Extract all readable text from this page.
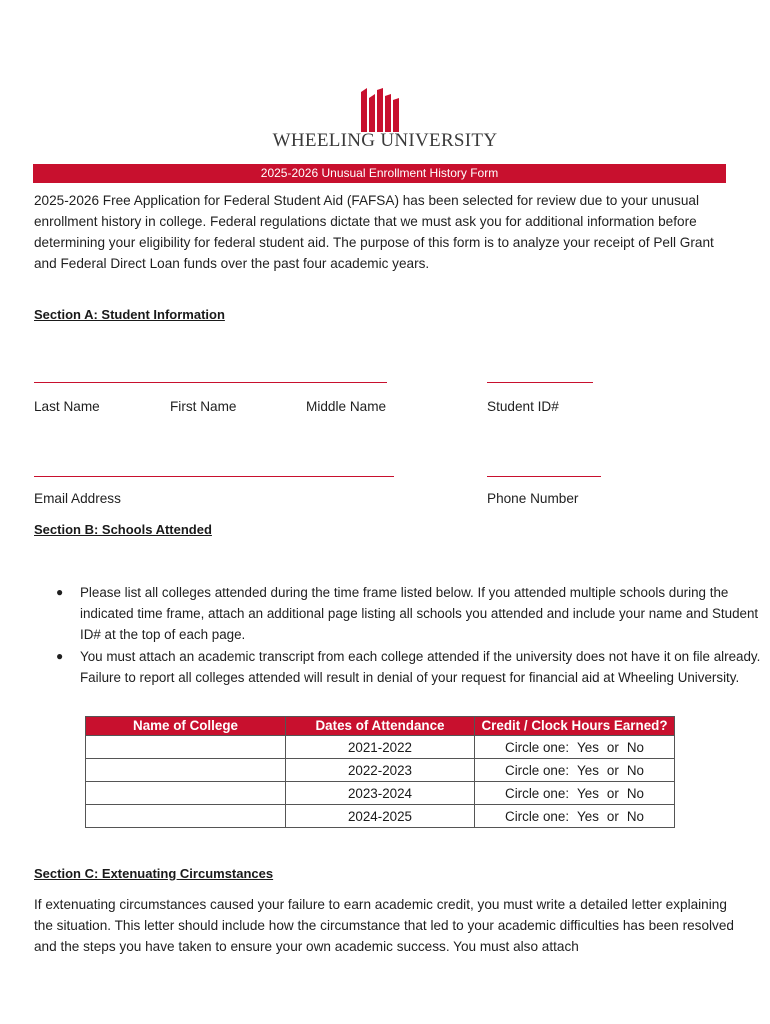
WHEELING UNIVERSITY
2025-2026 Unusual Enrollment History Form
2025-2026 Free Application for Federal Student Aid (FAFSA) has been selected for review due to your unusual enrollment history in college. Federal regulations dictate that we must ask you for additional information before determining your eligibility for federal student aid. The purpose of this form is to analyze your receipt of Pell Grant and Federal Direct Loan funds over the past four academic years.
Section A: Student Information
Last Name	First Name	Middle Name	Student ID#
Email Address	Phone Number
Section B: Schools Attended
● Please list all colleges attended during the time frame listed below. If you attended multiple schools during the indicated time frame, attach an additional page listing all schools you attended and include your name and Student ID# at the top of each page.
● You must attach an academic transcript from each college attended if the university does not have it on file already. Failure to report all colleges attended will result in denial of your request for financial aid at Wheeling University.
Name of College	Dates of Attendance	Credit / Clock Hours Earned?
	2021-2022	Circle one: Yes or No
	2022-2023	Circle one: Yes or No
	2023-2024	Circle one: Yes or No
	2024-2025	Circle one: Yes or No
Section C: Extenuating Circumstances
If extenuating circumstances caused your failure to earn academic credit, you must write a detailed letter explaining the situation. This letter should include how the circumstance that led to your academic difficulties has been resolved and the steps you have taken to ensure your own academic success. You must also attach
